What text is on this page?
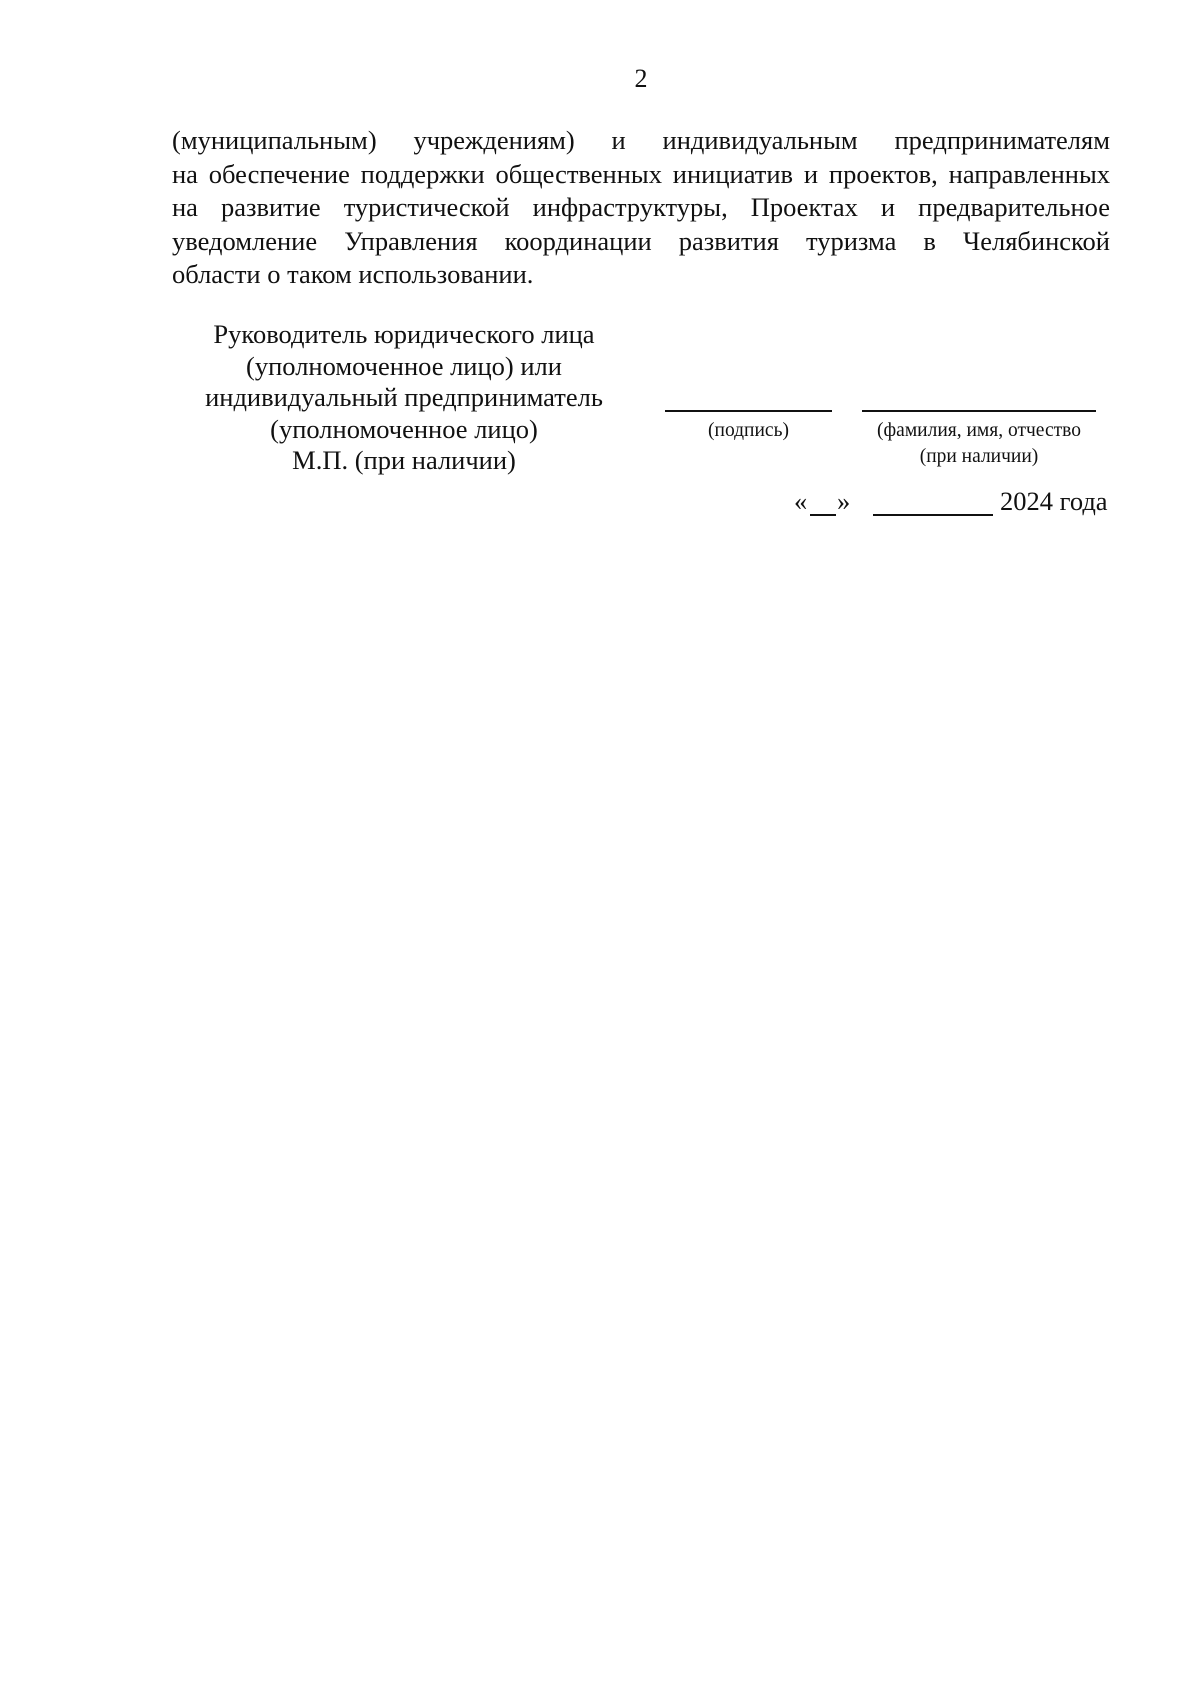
2
(муниципальным) учреждениям) и индивидуальным предпринимателям
на обеспечение поддержки общественных инициатив и проектов, направленных
на развитие туристической инфраструктуры, Проектах и предварительное
уведомление Управления координации развития туризма в Челябинской
области о таком использовании.
Руководитель юридического лица
(уполномоченное лицо) или
индивидуальный предприниматель
(уполномоченное лицо)
М.П. (при наличии)
(подпись)	(фамилия, имя, отчество
(при наличии)
« »	2024 года
